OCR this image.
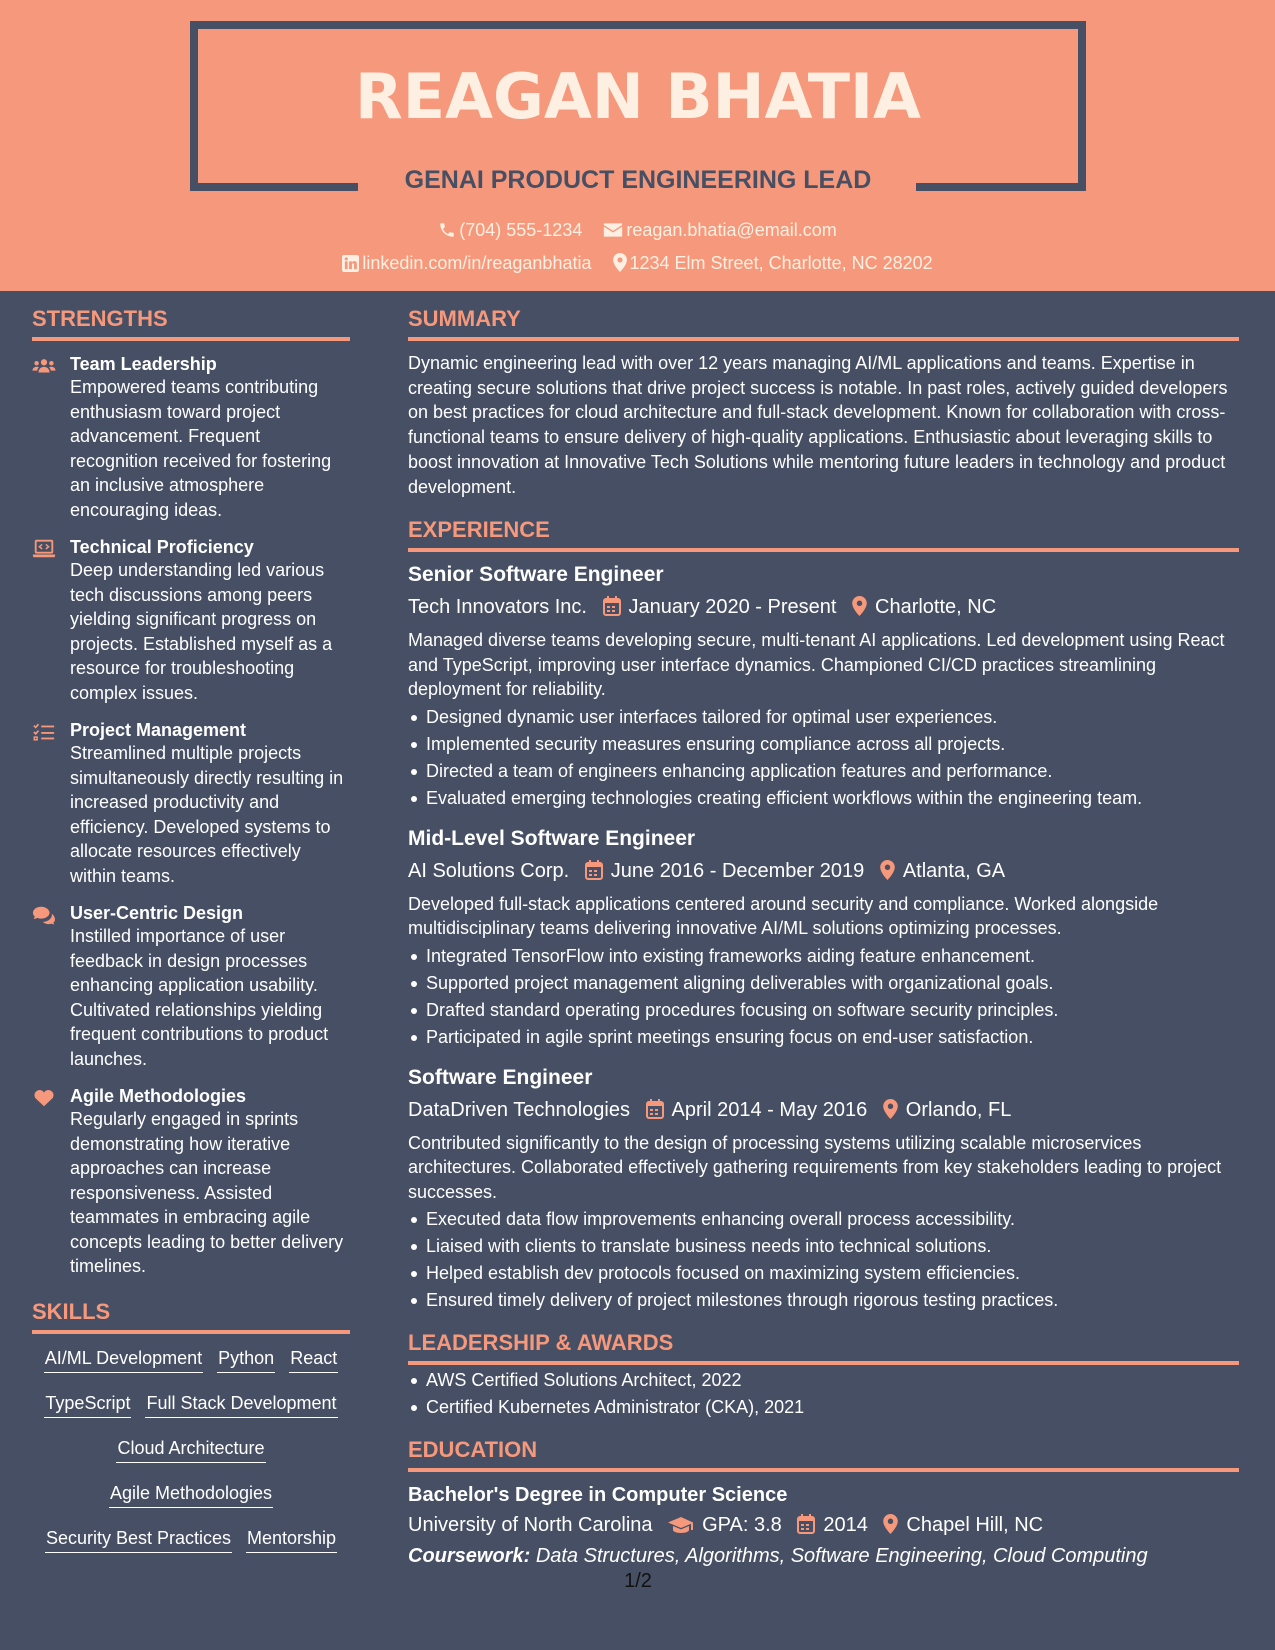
REAGAN BHATIA
GENAI PRODUCT ENGINEERING LEAD
(704) 555-1234 reagan.bhatia@email.com
linkedin.com/in/reaganbhatia 1234 Elm Street, Charlotte, NC 28202
STRENGTHS
Team Leadership
Empowered teams contributing enthusiasm toward project advancement. Frequent recognition received for fostering an inclusive atmosphere encouraging ideas.
Technical Proficiency
Deep understanding led various tech discussions among peers yielding significant progress on projects. Established myself as a resource for troubleshooting complex issues.
Project Management
Streamlined multiple projects simultaneously directly resulting in increased productivity and efficiency. Developed systems to allocate resources effectively within teams.
User-Centric Design
Instilled importance of user feedback in design processes enhancing application usability. Cultivated relationships yielding frequent contributions to product launches.
Agile Methodologies
Regularly engaged in sprints demonstrating how iterative approaches can increase responsiveness. Assisted teammates in embracing agile concepts leading to better delivery timelines.
SKILLS
AI/ML Development Python React
TypeScript Full Stack Development
Cloud Architecture
Agile Methodologies
Security Best Practices Mentorship
SUMMARY
Dynamic engineering lead with over 12 years managing AI/ML applications and teams. Expertise in creating secure solutions that drive project success is notable. In past roles, actively guided developers on best practices for cloud architecture and full-stack development. Known for collaboration with cross-functional teams to ensure delivery of high-quality applications. Enthusiastic about leveraging skills to boost innovation at Innovative Tech Solutions while mentoring future leaders in technology and product development.
EXPERIENCE
Senior Software Engineer
Tech Innovators Inc. January 2020 - Present Charlotte, NC
Managed diverse teams developing secure, multi-tenant AI applications. Led development using React and TypeScript, improving user interface dynamics. Championed CI/CD practices streamlining deployment for reliability.
Designed dynamic user interfaces tailored for optimal user experiences.
Implemented security measures ensuring compliance across all projects.
Directed a team of engineers enhancing application features and performance.
Evaluated emerging technologies creating efficient workflows within the engineering team.
Mid-Level Software Engineer
AI Solutions Corp. June 2016 - December 2019 Atlanta, GA
Developed full-stack applications centered around security and compliance. Worked alongside multidisciplinary teams delivering innovative AI/ML solutions optimizing processes.
Integrated TensorFlow into existing frameworks aiding feature enhancement.
Supported project management aligning deliverables with organizational goals.
Drafted standard operating procedures focusing on software security principles.
Participated in agile sprint meetings ensuring focus on end-user satisfaction.
Software Engineer
DataDriven Technologies April 2014 - May 2016 Orlando, FL
Contributed significantly to the design of processing systems utilizing scalable microservices architectures. Collaborated effectively gathering requirements from key stakeholders leading to project successes.
Executed data flow improvements enhancing overall process accessibility.
Liaised with clients to translate business needs into technical solutions.
Helped establish dev protocols focused on maximizing system efficiencies.
Ensured timely delivery of project milestones through rigorous testing practices.
LEADERSHIP & AWARDS
AWS Certified Solutions Architect, 2022
Certified Kubernetes Administrator (CKA), 2021
EDUCATION
Bachelor's Degree in Computer Science
University of North Carolina GPA: 3.8 2014 Chapel Hill, NC
Coursework: Data Structures, Algorithms, Software Engineering, Cloud Computing
1/2
